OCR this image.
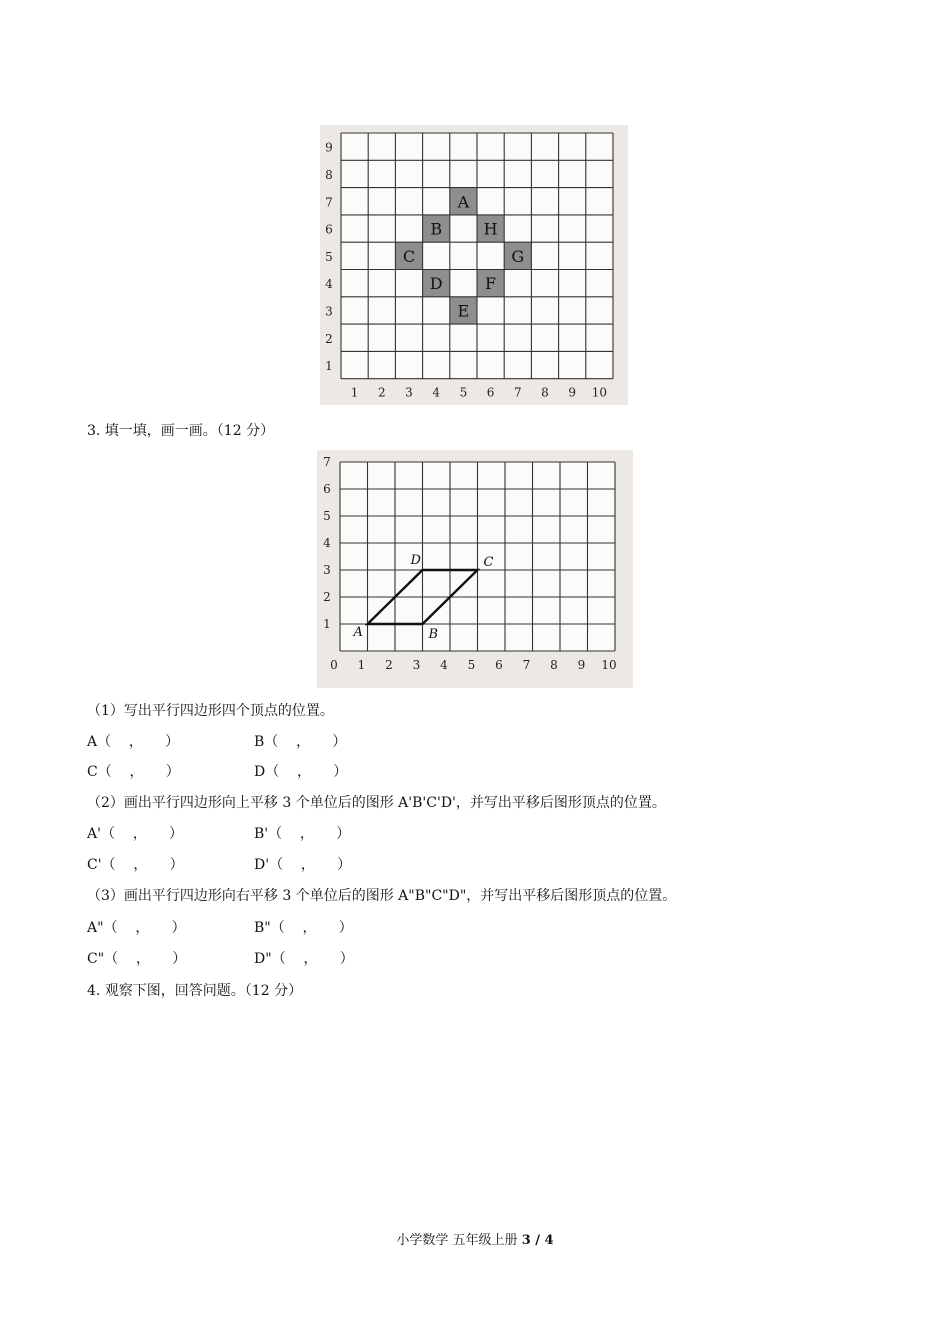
A
B	H
C	G
D	F
E
1 2 3 4 5 6 7 8 9 10
1
2
3
4
5
6
7
8
9
3. 填一填，画一画。（12 分）
A	B
C
D
0 1 2 3 4 5 6 7 8 9 10
1
2
3
4
5
6
7
（1）写出平行四边形四个顶点的位置。
A（    ，     ）	B（    ，     ）
C（    ，     ）	D（    ，     ）
（2）画出平行四边形向上平移 3 个单位后的图形 A'B'C'D'，并写出平移后图形顶点的位置。
A'（    ，     ）	B'（    ，     ）
C'（    ，     ）	D'（    ，     ）
（3）画出平行四边形向右平移 3 个单位后的图形 A"B"C"D"，并写出平移后图形顶点的位置。
A"（    ，     ）	B"（    ，     ）
C"（    ，     ）	D"（    ，     ）
4. 观察下图，回答问题。（12 分）
小学数学 五年级上册 3 / 4
